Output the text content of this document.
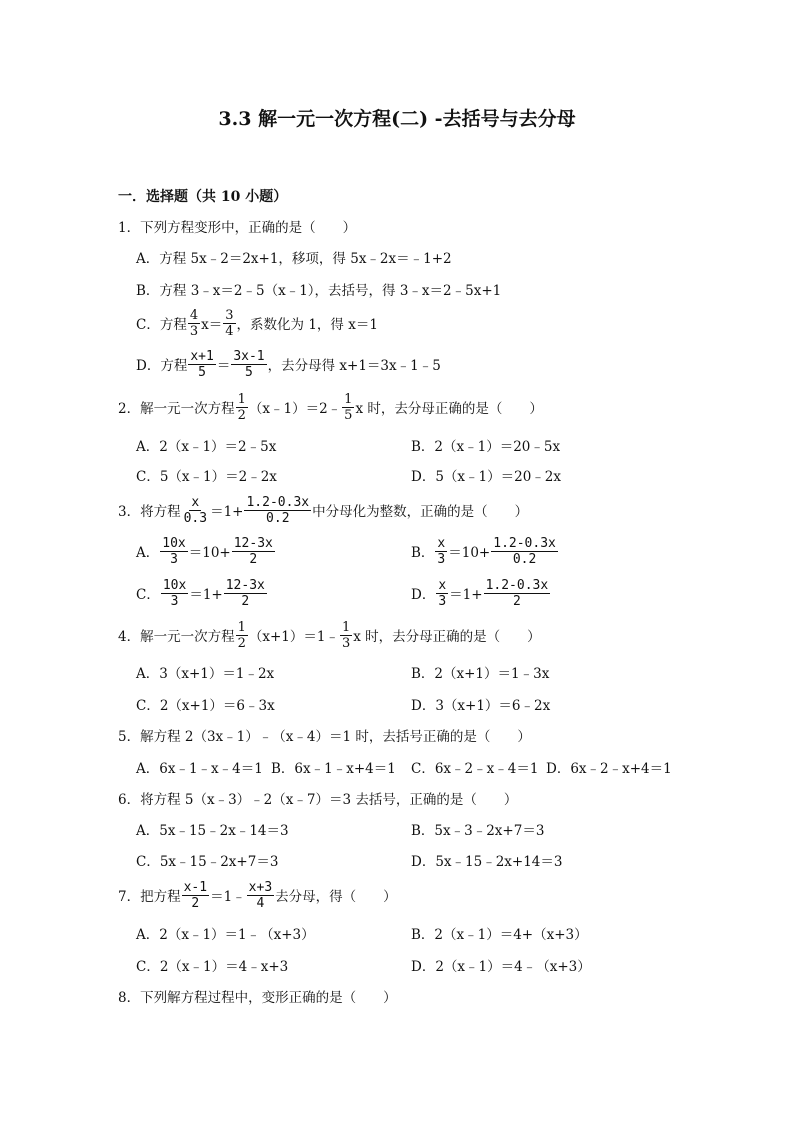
3.3 解一元一次方程(二) -去括号与去分母
一．选择题（共 10 小题）
1．下列方程变形中，正确的是（　　）
A．方程 5x﹣2＝2x+1，移项，得 5x﹣2x＝﹣1+2
B．方程 3﹣x＝2﹣5（x﹣1），去括号，得 3﹣x＝2﹣5x+1
C．方程 $\frac{4}{3} x= \frac{3}{4}$ ，系数化为 1，得 x＝1
D．方程 $\frac{x+1}{5} = \frac{3x-1}{5}$ ，去分母得 x+1＝3x﹣1﹣5
2．解一元一次方程 $\frac{1}{2}$ （x﹣1）＝2﹣ $\frac{1}{5}$ x 时，去分母正确的是（　　）
A．2（x﹣1）＝2﹣5x	B．2（x﹣1）＝20﹣5x
C．5（x﹣1）＝2﹣2x	D．5（x﹣1）＝20﹣2x
3．将方程 $\frac{x}{0.3} =1+ \frac{1.2-0.3x}{0.2}$ 中分母化为整数，正确的是（　　）
A． $\frac{10x}{3} =10+ \frac{12-3x}{2}$	B． $\frac{x}{3} =10+ \frac{1.2-0.3x}{0.2}$
C． $\frac{10x}{3} =1+ \frac{12-3x}{2}$	D． $\frac{x}{3} =1+ \frac{1.2-0.3x}{2}$
4．解一元一次方程 $\frac{1}{2}$ （x+1）＝1﹣ $\frac{1}{3}$ x 时，去分母正确的是（　　）
A．3（x+1）＝1﹣2x	B．2（x+1）＝1﹣3x
C．2（x+1）＝6﹣3x	D．3（x+1）＝6﹣2x
5．解方程 2（3x﹣1）﹣（x﹣4）＝1 时，去括号正确的是（　　）
A．6x﹣1﹣x﹣4＝1 B．6x﹣1﹣x+4＝1 C．6x﹣2﹣x﹣4＝1 D．6x﹣2﹣x+4＝1
6．将方程 5（x﹣3）﹣2（x﹣7）＝3 去括号，正确的是（　　）
A．5x﹣15﹣2x﹣14＝3	B．5x﹣3﹣2x+7＝3
C．5x﹣15﹣2x+7＝3	D．5x﹣15﹣2x+14＝3
7．把方程 $\frac{x-1}{2}$ ＝1﹣ $\frac{x+3}{4}$ 去分母，得（　　）
A．2（x﹣1）＝1﹣（x+3）	B．2（x﹣1）＝4+（x+3）
C．2（x﹣1）＝4﹣x+3	D．2（x﹣1）＝4﹣（x+3）
8．下列解方程过程中，变形正确的是（　　）
